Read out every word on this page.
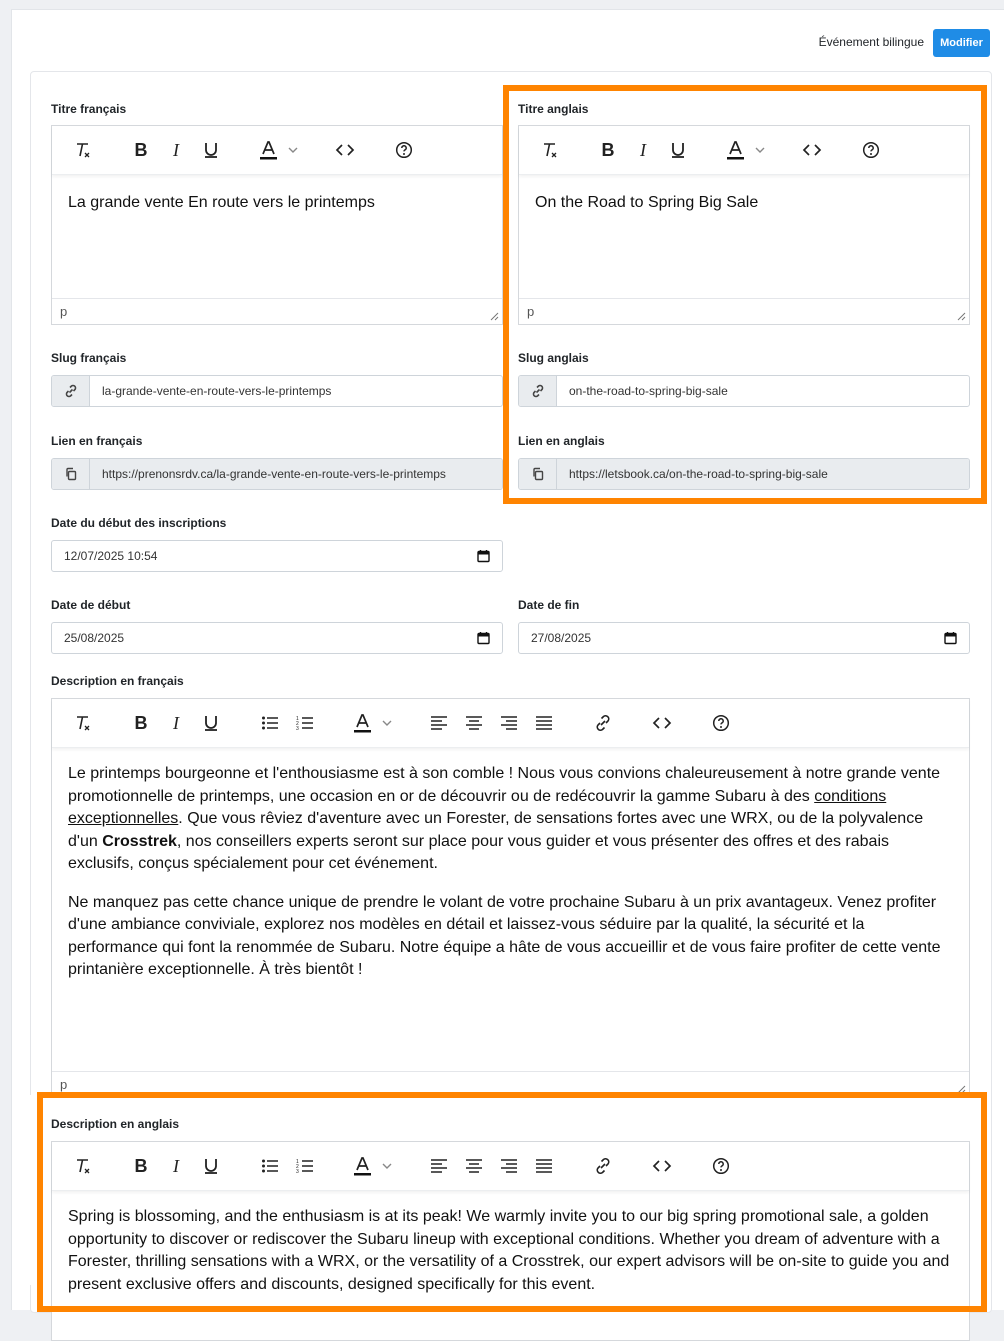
Événement bilingue	Modifier
Titre français
B	I
La grande vente En route vers le printemps
p
Titre anglais
B	I
On the Road to Spring Big Sale
p
Slug français
la-grande-vente-en-route-vers-le-printemps
Slug anglais
on-the-road-to-spring-big-sale
Lien en français
https://prenonsrdv.ca/la-grande-vente-en-route-vers-le-printemps
Lien en anglais
https://letsbook.ca/on-the-road-to-spring-big-sale
Date du début des inscriptions
12/07/2025 10:54
Date de début
25/08/2025
Date de fin
27/08/2025
Description en français
B	I	1
2
3

Le printemps bourgeonne et l'enthousiasme est à son comble ! Nous vous convions chaleureusement à notre grande vente promotionnelle de printemps, une occasion en or de découvrir ou de redécouvrir la gamme Subaru à des conditions exceptionnelles. Que vous rêviez d'aventure avec un Forester, de sensations fortes avec une WRX, ou de la polyvalence d'un Crosstrek, nos conseillers experts seront sur place pour vous guider et vous présenter des offres et des rabais exclusifs, conçus spécialement pour cet événement.

Ne manquez pas cette chance unique de prendre le volant de votre prochaine Subaru à un prix avantageux. Venez profiter d'une ambiance conviviale, explorez nos modèles en détail et laissez-vous séduire par la qualité, la sécurité et la performance qui font la renommée de Subaru. Notre équipe a hâte de vous accueillir et de vous faire profiter de cette vente printanière exceptionnelle. À très bientôt !

p
Description en anglais
B	I	1
2
3

Spring is blossoming, and the enthusiasm is at its peak! We warmly invite you to our big spring promotional sale, a golden opportunity to discover or rediscover the Subaru lineup with exceptional conditions. Whether you dream of adventure with a Forester, thrilling sensations with a WRX, or the versatility of a Crosstrek, our expert advisors will be on-site to guide you and present exclusive offers and discounts, designed specifically for this event.
